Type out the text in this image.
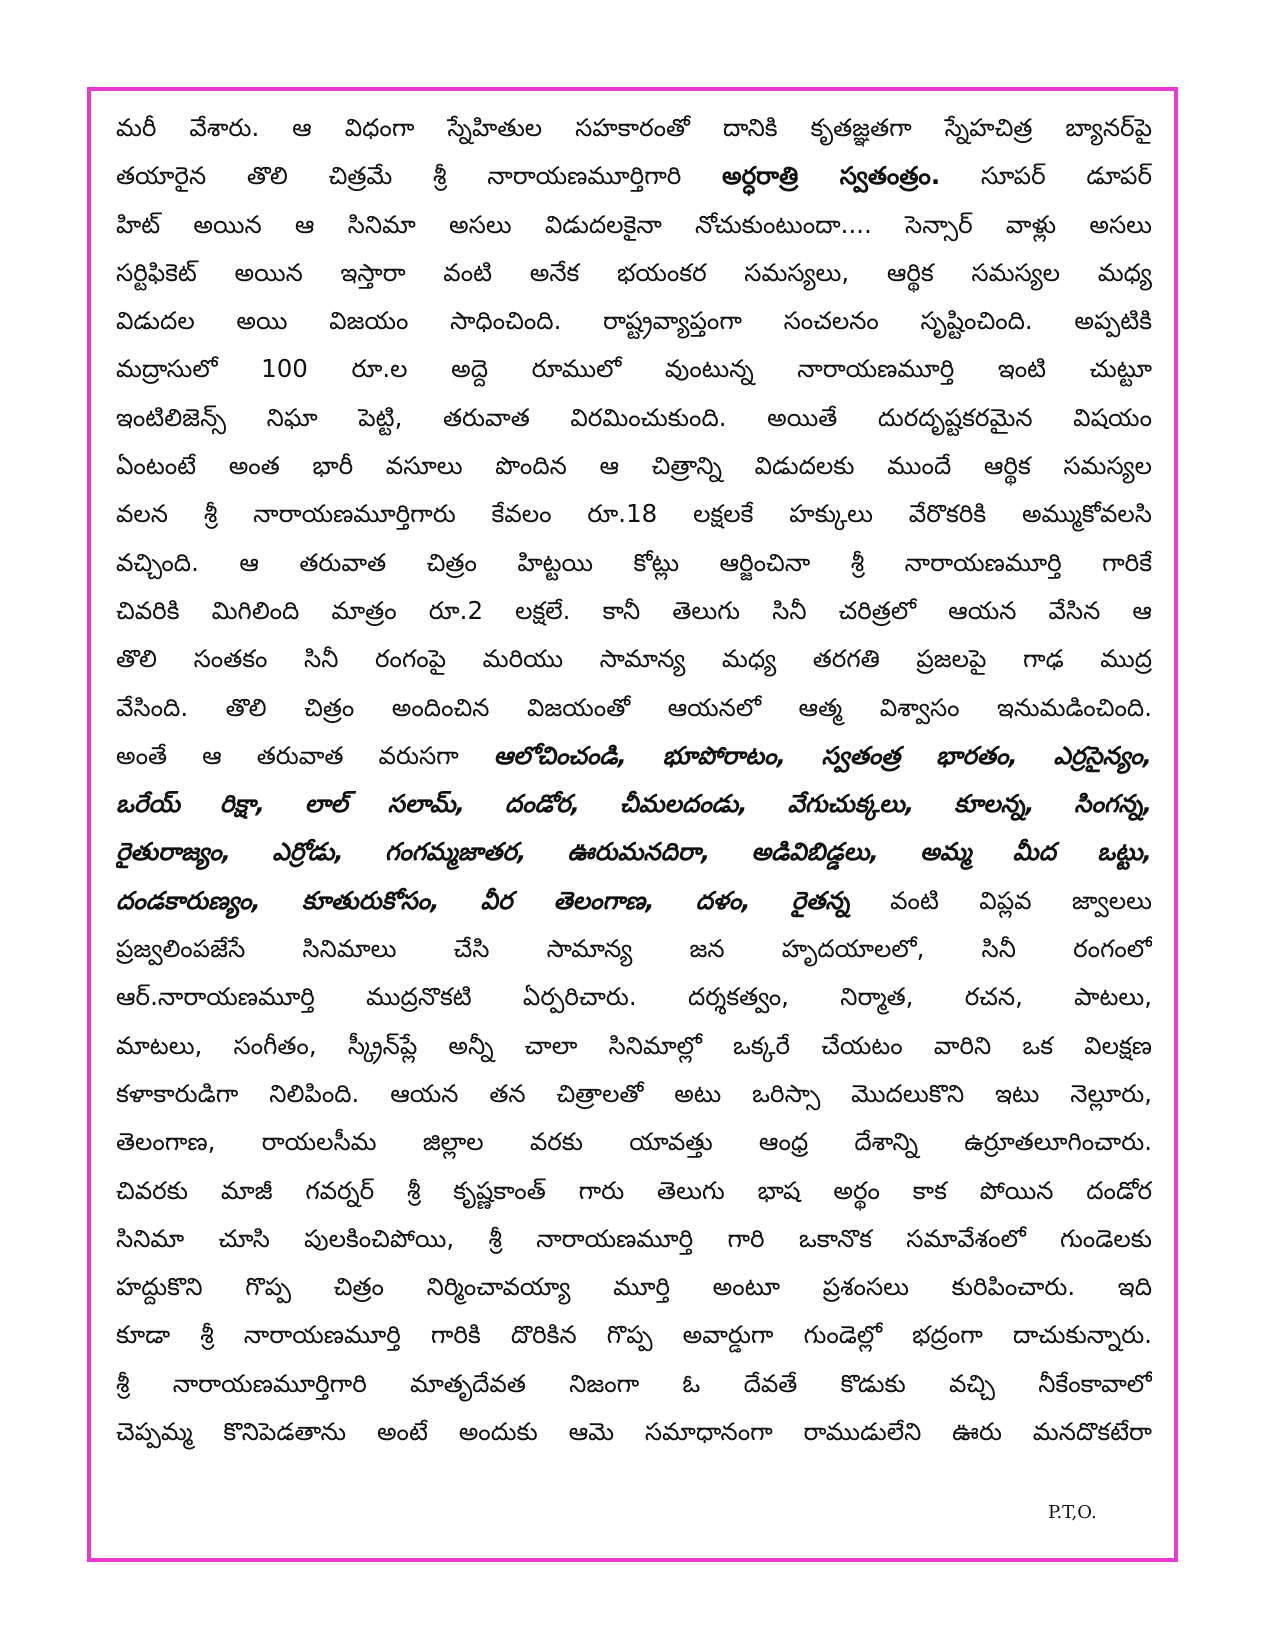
మరీ వేశారు. ఆ విధంగా స్నేహితుల సహకారంతో దానికి కృతజ్ఞతగా స్నేహచిత్ర బ్యానర్‌పై
తయారైన తొలి చిత్రమే శ్రీ నారాయణమూర్తిగారి అర్ధరాత్రి స్వతంత్రం. సూపర్ డూపర్
హిట్ అయిన ఆ సినిమా అసలు విడుదలకైనా నోచుకుంటుందా.... సెన్సార్ వాళ్లు అసలు
సర్టిఫికెట్ అయిన ఇస్తారా వంటి అనేక భయంకర సమస్యలు, ఆర్థిక సమస్యల మధ్య
విడుదల అయి విజయం సాధించింది. రాష్ట్రవ్యాప్తంగా సంచలనం సృష్టించింది. అప్పటికి
మద్రాసులో 100 రూ.ల అద్దె రూములో వుంటున్న నారాయణమూర్తి ఇంటి చుట్టూ
ఇంటిలిజెన్స్ నిఘా పెట్టి, తరువాత విరమించుకుంది. అయితే దురదృష్టకరమైన విషయం
ఏంటంటే అంత భారీ వసూలు పొందిన ఆ చిత్రాన్ని విడుదలకు ముందే ఆర్థిక సమస్యల
వలన శ్రీ నారాయణమూర్తిగారు కేవలం రూ.18 లక్షలకే హక్కులు వేరొకరికి అమ్ముకోవలసి
వచ్చింది. ఆ తరువాత చిత్రం హిట్టయి కోట్లు ఆర్జించినా శ్రీ నారాయణమూర్తి గారికే
చివరికి మిగిలింది మాత్రం రూ.2 లక్షలే. కానీ తెలుగు సినీ చరిత్రలో ఆయన వేసిన ఆ
తొలి సంతకం సినీ రంగంపై మరియు సామాన్య మధ్య తరగతి ప్రజలపై గాఢ ముద్ర
వేసింది. తొలి చిత్రం అందించిన విజయంతో ఆయనలో ఆత్మ విశ్వాసం ఇనుమడించింది.
అంతే ఆ తరువాత వరుసగా ఆలోచించండి, భూపోరాటం, స్వతంత్ర భారతం, ఎర్రసైన్యం,
ఒరేయ్ రిక్షా, లాల్ సలామ్, దండోర, చీమలదండు, వేగుచుక్కలు, కూలన్న, సింగన్న,
రైతురాజ్యం, ఎర్రోడు, గంగమ్మజాతర, ఊరుమనదిరా, అడివిబిడ్డలు, అమ్మ మీద ఒట్టు,
దండకారుణ్యం, కూతురుకోసం, వీర తెలంగాణ, దళం, రైతన్న వంటి విప్లవ జ్వాలలు
ప్రజ్వలింపజేసే సినిమాలు చేసి సామాన్య జన హృదయాలలో, సినీ రంగంలో
ఆర్.నారాయణమూర్తి ముద్రనొకటి ఏర్పరిచారు. దర్శకత్వం, నిర్మాత, రచన, పాటలు,
మాటలు, సంగీతం, స్క్రీన్‌ప్లే అన్నీ చాలా సినిమాల్లో ఒక్కరే చేయటం వారిని ఒక విలక్షణ
కళాకారుడిగా నిలిపింది. ఆయన తన చిత్రాలతో అటు ఒరిస్సా మొదలుకొని ఇటు నెల్లూరు,
తెలంగాణ, రాయలసీమ జిల్లాల వరకు యావత్తు ఆంధ్ర దేశాన్ని ఉర్రూతలూగించారు.
చివరకు మాజీ గవర్నర్ శ్రీ కృష్ణకాంత్ గారు తెలుగు భాష అర్థం కాక పోయిన దండోర
సినిమా చూసి పులకించిపోయి, శ్రీ నారాయణమూర్తి గారి ఒకానొక సమావేశంలో గుండెలకు
హద్దుకొని గొప్ప చిత్రం నిర్మించావయ్యా మూర్తి అంటూ ప్రశంసలు కురిపించారు. ఇది
కూడా శ్రీ నారాయణమూర్తి గారికి దొరికిన గొప్ప అవార్డుగా గుండెల్లో భద్రంగా దాచుకున్నారు.
శ్రీ నారాయణమూర్తిగారి మాతృదేవత నిజంగా ఓ దేవతే కొడుకు వచ్చి నీకేంకావాలో
చెప్పమ్మ కొనిపెడతాను అంటే అందుకు ఆమె సమాధానంగా రాముడులేని ఊరు మనదొకటేరా
P.T,O.
